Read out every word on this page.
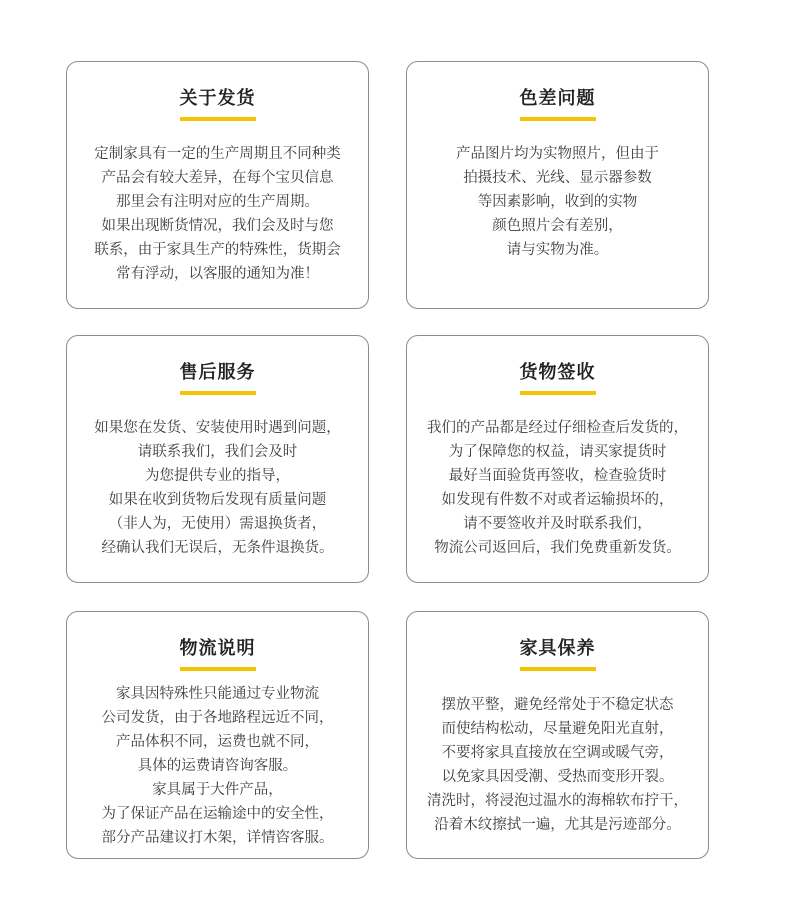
关于发货
定制家具有一定的生产周期且不同种类
产品会有较大差异，在每个宝贝信息
那里会有注明对应的生产周期。
如果出现断货情况，我们会及时与您
联系，由于家具生产的特殊性，货期会
常有浮动，以客服的通知为准！
色差问题
产品图片均为实物照片，但由于
拍摄技术、光线、显示器参数
等因素影响，收到的实物
颜色照片会有差别，
请与实物为准。
售后服务
如果您在发货、安装使用时遇到问题，
请联系我们，我们会及时
为您提供专业的指导，
如果在收到货物后发现有质量问题
（非人为，无使用）需退换货者，
经确认我们无误后，无条件退换货。
货物签收
我们的产品都是经过仔细检查后发货的，
为了保障您的权益，请买家提货时
最好当面验货再签收，检查验货时
如发现有件数不对或者运输损坏的，
请不要签收并及时联系我们，
物流公司返回后，我们免费重新发货。
物流说明
家具因特殊性只能通过专业物流
公司发货，由于各地路程远近不同，
产品体积不同，运费也就不同，
具体的运费请咨询客服。
家具属于大件产品，
为了保证产品在运输途中的安全性，
部分产品建议打木架，详情咨客服。
家具保养
摆放平整，避免经常处于不稳定状态
而使结构松动，尽量避免阳光直射，
不要将家具直接放在空调或暖气旁，
以免家具因受潮、受热而变形开裂。
清洗时，将浸泡过温水的海棉软布拧干，
沿着木纹擦拭一遍，尤其是污迹部分。
